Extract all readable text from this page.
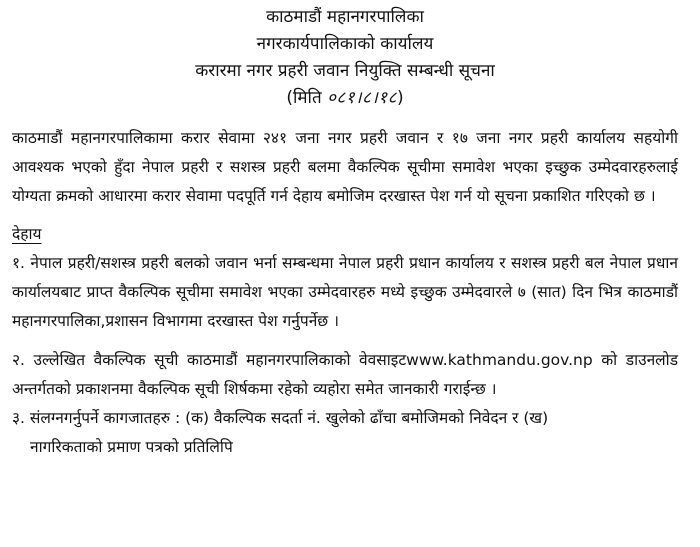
काठमाडौं महानगरपालिका
नगरकार्यपालिकाको कार्यालय
करारमा नगर प्रहरी जवान नियुक्ति सम्बन्धी सूचना
(मिति ०८१।८।१८)
काठमाडौं महानगरपालिकामा करार सेवामा २४१ जना नगर प्रहरी जवान र १७ जना नगर प्रहरी कार्यालय सहयोगी आवश्यक भएको हुँदा नेपाल प्रहरी र सशस्त्र प्रहरी बलमा वैकल्पिक सूचीमा समावेश भएका इच्छुक उम्मेदवारहरुलाई योग्यता क्रमको आधारमा करार सेवामा पदपूर्ति गर्न देहाय बमोजिम दरखास्त पेश गर्न यो सूचना प्रकाशित गरिएको छ ।
देहाय
१. नेपाल प्रहरी/सशस्त्र प्रहरी बलको जवान भर्ना सम्बन्धमा नेपाल प्रहरी प्रधान कार्यालय र सशस्त्र प्रहरी बल नेपाल प्रधान कार्यालयबाट प्राप्त वैकल्पिक सूचीमा समावेश भएका उम्मेदवारहरु मध्ये इच्छुक उम्मेदवारले ७ (सात) दिन भित्र काठमाडौं महानगरपालिका,प्रशासन विभागमा दरखास्त पेश गर्नुपर्नेछ ।
२. उल्लेखित वैकल्पिक सूची काठमाडौं महानगरपालिकाको वेवसाइटwww.kathmandu.gov.np को डाउनलोड अन्तर्गतको प्रकाशनमा वैकल्पिक सूची शिर्षकमा रहेको व्यहोरा समेत जानकारी गराईन्छ ।
३. संलग्नगर्नुपर्ने कागजातहरु : (क) वैकल्पिक सदर्ता नं. खुलेको ढाँचा बमोजिमको निवेदन र (ख)
नागरिकताको प्रमाण पत्रको प्रतिलिपि
